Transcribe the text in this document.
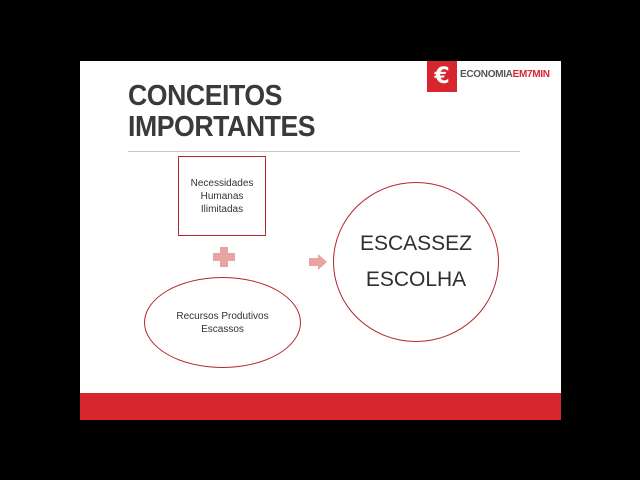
CONCEITOS
IMPORTANTES
€	ECONOMIAEM7MIN
Necessidades
Humanas
Ilimitadas
Recursos Produtivos
Escassos
ESCASSEZ
ESCOLHA
